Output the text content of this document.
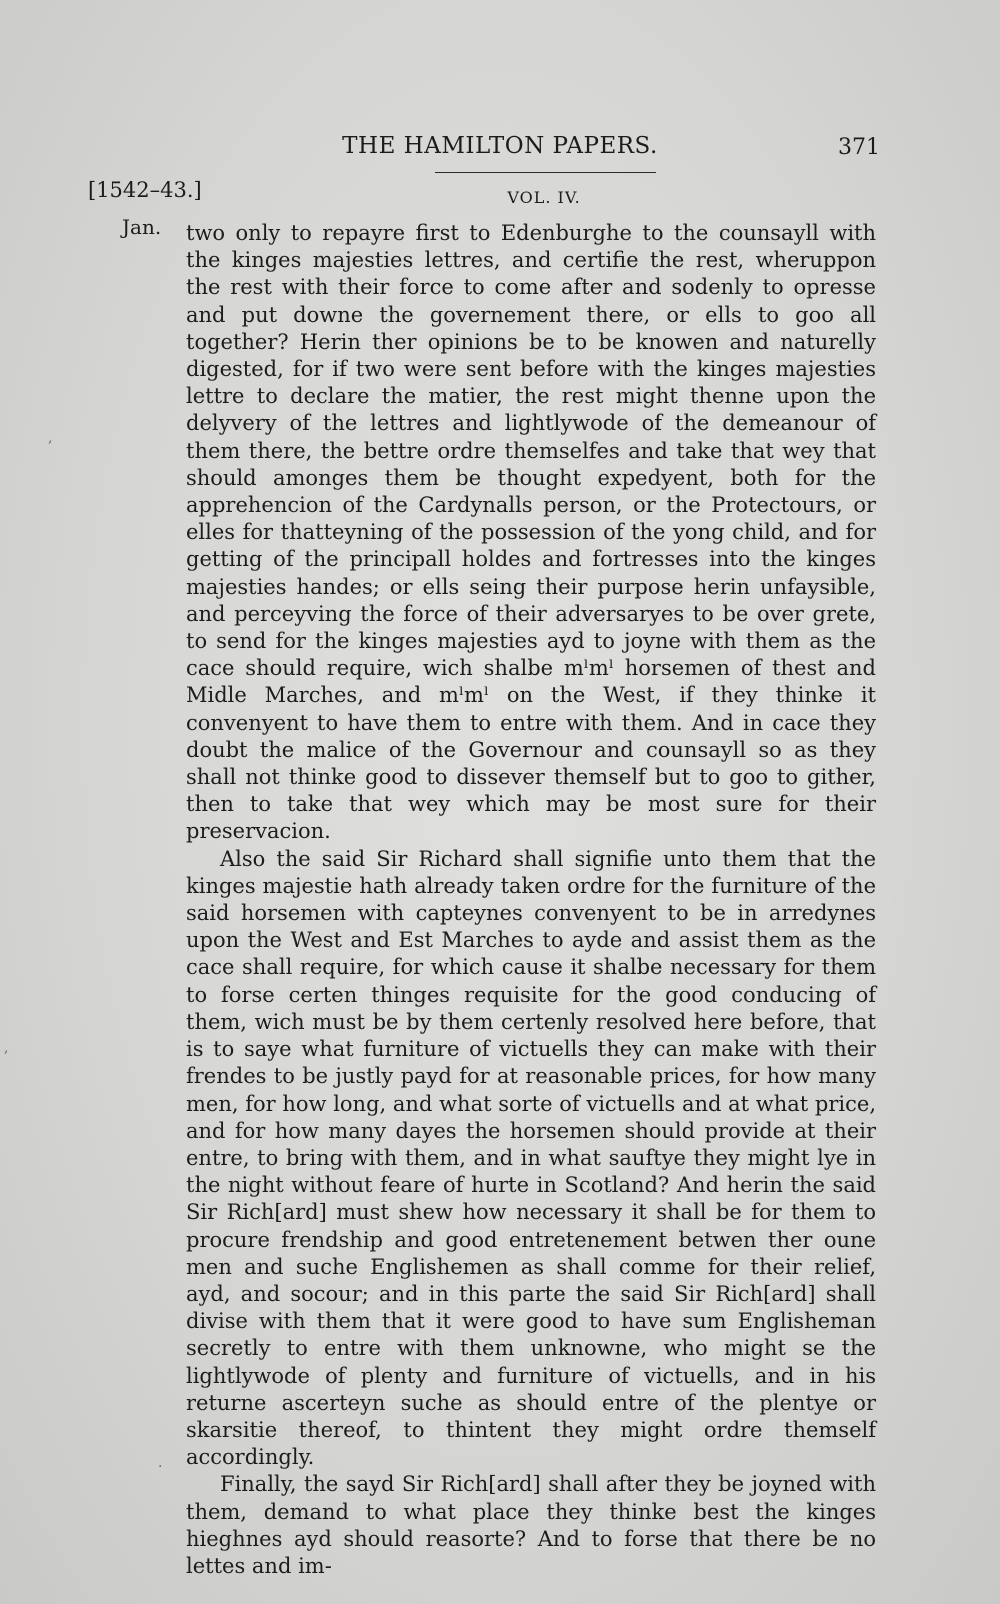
THE HAMILTON PAPERS.	371
[1542–43.]	VOL. IV.
Jan. two only to repayre first to Edenburghe to the counsayll with the kinges majesties lettres, and certifie the rest, wheruppon the rest with their force to come after and sodenly to opresse and put downe the governement there, or ells to goo all together? Herin ther opinions be to be knowen and naturelly digested, for if two were sent before with the kinges majesties lettre to declare the matier, the rest might thenne upon the delyvery of the lettres and lightlywode of the demeanour of them there, the bettre ordre themselfes and take that wey that should amonges them be thought expedyent, both for the apprehencion of the Cardynalls person, or the Protectours, or elles for thatteyning of the possession of the yong child, and for getting of the principall holdes and fortresses into the kinges majesties handes; or ells seing their purpose herin unfaysible, and perceyving the force of their adversaryes to be over grete, to send for the kinges majesties ayd to joyne with them as the cace should require, wich shalbe mˡmˡ horsemen of thest and Midle Marches, and mˡmˡ on the West, if they thinke it convenyent to have them to entre with them. And in cace they doubt the malice of the Governour and counsayll so as they shall not thinke good to dissever themself but to goo to gither, then to take that wey which may be most sure for their preservacion.

Also the said Sir Richard shall signifie unto them that the kinges majestie hath already taken ordre for the furniture of the said horsemen with capteynes convenyent to be in arredynes upon the West and Est Marches to ayde and assist them as the cace shall require, for which cause it shalbe necessary for them to forse certen thinges requisite for the good conducing of them, wich must be by them certenly resolved here before, that is to saye what furniture of victuells they can make with their frendes to be justly payd for at reasonable prices, for how many men, for how long, and what sorte of victuells and at what price, and for how many dayes the horsemen should provide at their entre, to bring with them, and in what sauftye they might lye in the night without feare of hurte in Scotland? And herin the said Sir Rich[ard] must shew how necessary it shall be for them to procure frendship and good entretenement betwen ther oune men and suche Englishemen as shall comme for their relief, ayd, and socour; and in this parte the said Sir Rich[ard] shall divise with them that it were good to have sum Englisheman secretly to entre with them unknowne, who might se the lightlywode of plenty and furniture of victuells, and in his returne ascerteyn suche as should entre of the plentye or skarsitie thereof, to thintent they might ordre themself accordingly.

Finally, the sayd Sir Rich[ard] shall after they be joyned with them, demand to what place they thinke best the kinges hieghnes ayd should reasorte? And to forse that there be no lettes and im-

,
,
.
